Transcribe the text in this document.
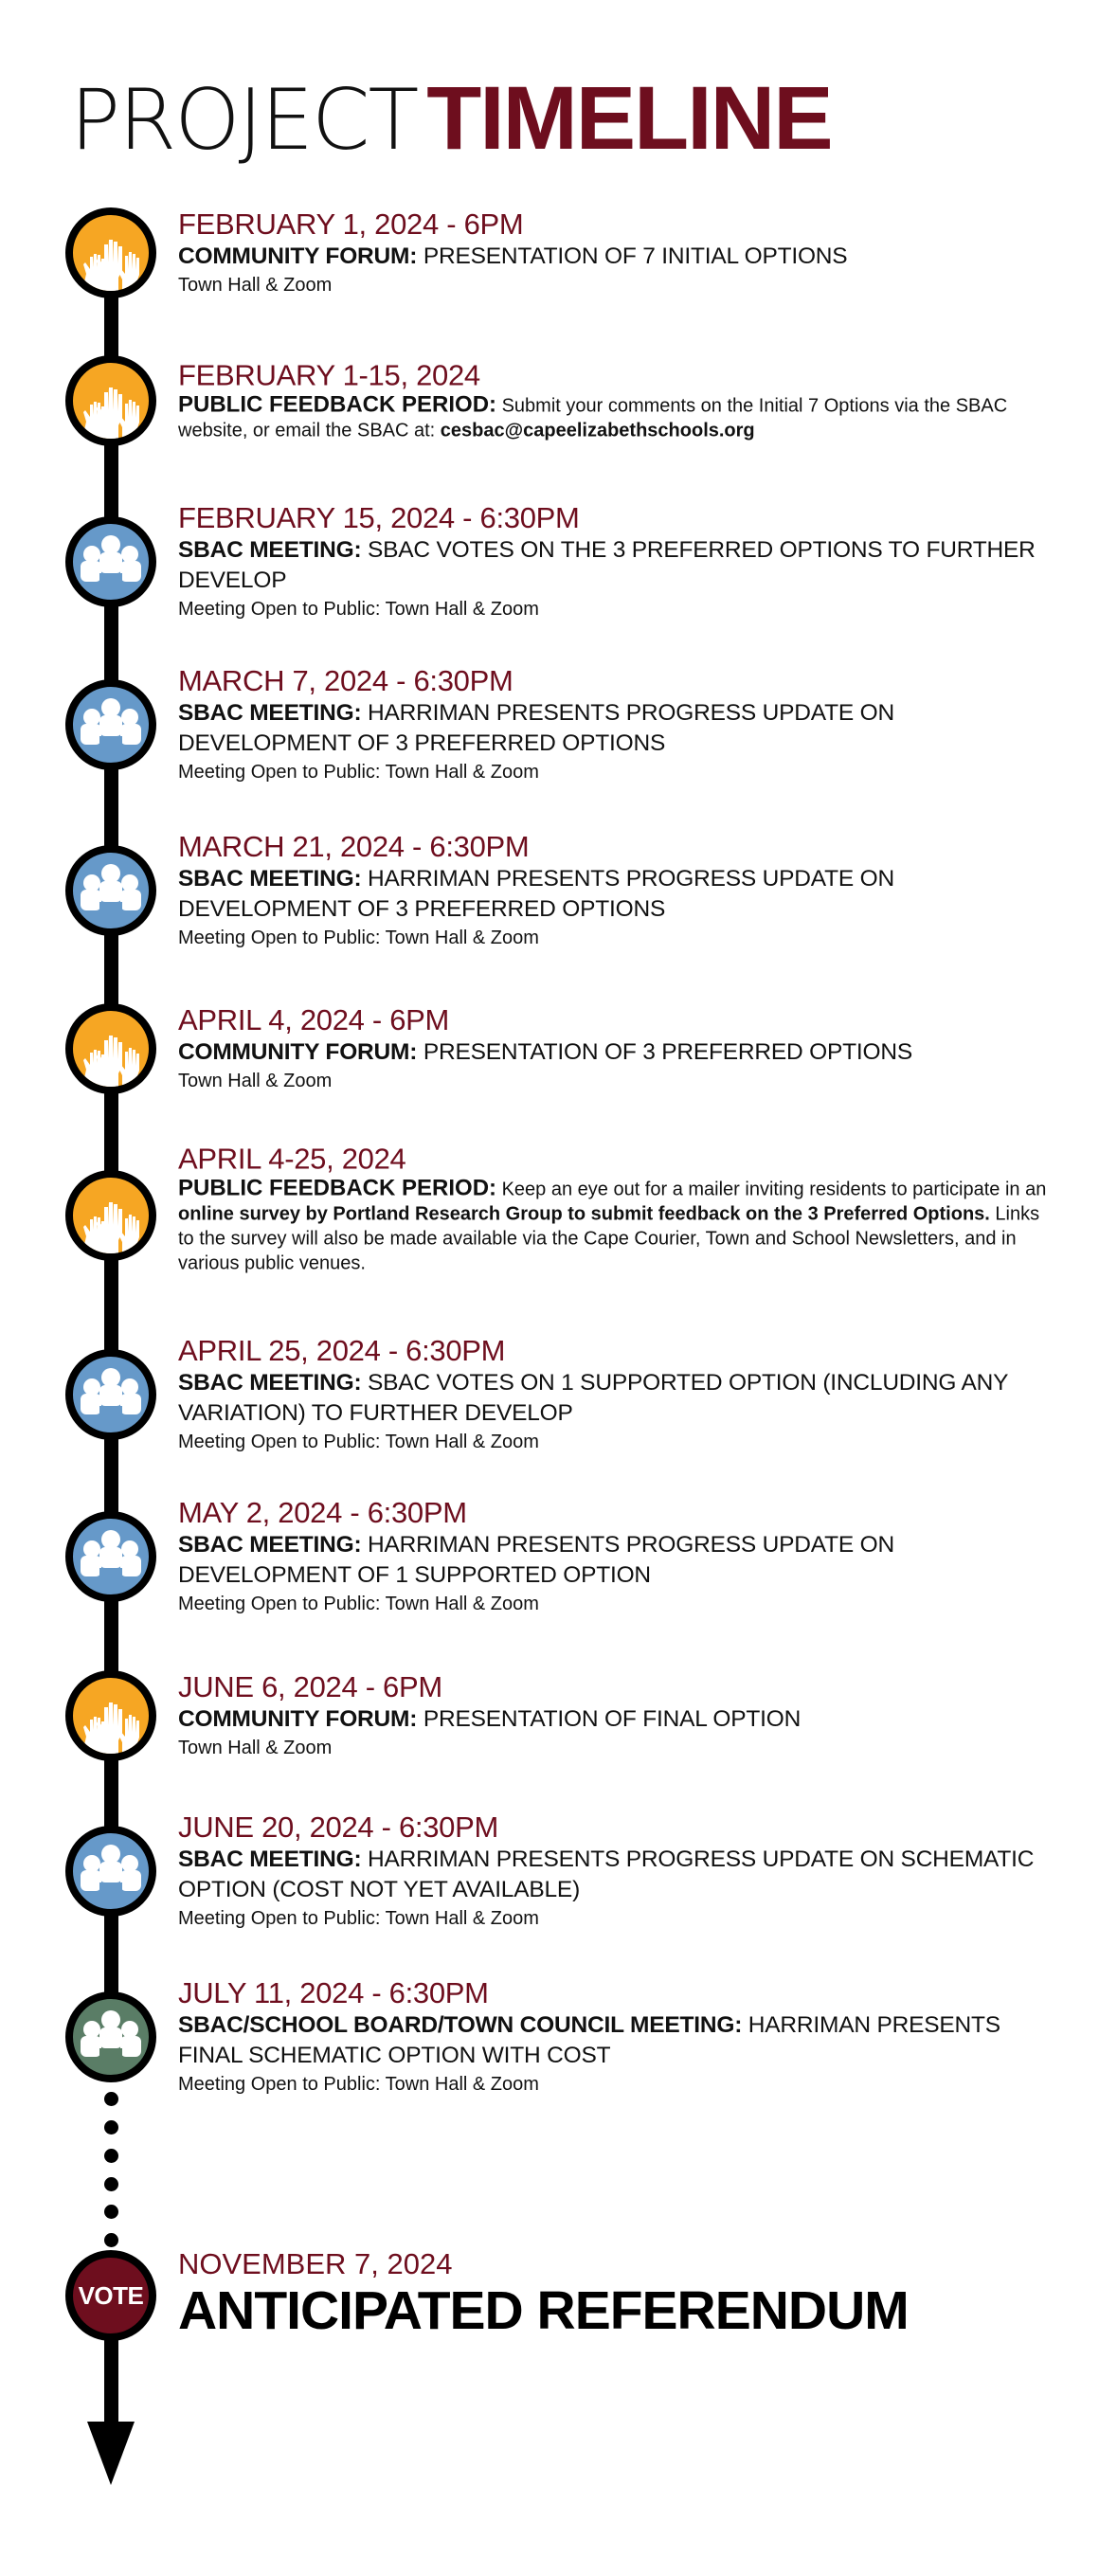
PROJECT TIMELINE
FEBRUARY 1, 2024 - 6PM
COMMUNITY FORUM: PRESENTATION OF 7 INITIAL OPTIONS
Town Hall & Zoom
FEBRUARY 1-15, 2024
PUBLIC FEEDBACK PERIOD: Submit your comments on the Initial 7 Options via the SBAC website, or email the SBAC at: cesbac@capeelizabethschools.org
FEBRUARY 15, 2024 - 6:30PM
SBAC MEETING: SBAC VOTES ON THE 3 PREFERRED OPTIONS TO FURTHER DEVELOP
Meeting Open to Public: Town Hall & Zoom
MARCH 7, 2024 - 6:30PM
SBAC MEETING: HARRIMAN PRESENTS PROGRESS UPDATE ON DEVELOPMENT OF 3 PREFERRED OPTIONS
Meeting Open to Public: Town Hall & Zoom
MARCH 21, 2024 - 6:30PM
SBAC MEETING: HARRIMAN PRESENTS PROGRESS UPDATE ON DEVELOPMENT OF 3 PREFERRED OPTIONS
Meeting Open to Public: Town Hall & Zoom
APRIL 4, 2024 - 6PM
COMMUNITY FORUM: PRESENTATION OF 3 PREFERRED OPTIONS
Town Hall & Zoom
APRIL 4-25, 2024
PUBLIC FEEDBACK PERIOD: Keep an eye out for a mailer inviting residents to participate in an online survey by Portland Research Group to submit feedback on the 3 Preferred Options. Links to the survey will also be made available via the Cape Courier, Town and School Newsletters, and in various public venues.
APRIL 25, 2024 - 6:30PM
SBAC MEETING: SBAC VOTES ON 1 SUPPORTED OPTION (INCLUDING ANY VARIATION) TO FURTHER DEVELOP
Meeting Open to Public: Town Hall & Zoom
MAY 2, 2024 - 6:30PM
SBAC MEETING: HARRIMAN PRESENTS PROGRESS UPDATE ON DEVELOPMENT OF 1 SUPPORTED OPTION
Meeting Open to Public: Town Hall & Zoom
JUNE 6, 2024 - 6PM
COMMUNITY FORUM: PRESENTATION OF FINAL OPTION
Town Hall & Zoom
JUNE 20, 2024 - 6:30PM
SBAC MEETING: HARRIMAN PRESENTS PROGRESS UPDATE ON SCHEMATIC OPTION (COST NOT YET AVAILABLE)
Meeting Open to Public: Town Hall & Zoom
JULY 11, 2024 - 6:30PM
SBAC/SCHOOL BOARD/TOWN COUNCIL MEETING: HARRIMAN PRESENTS FINAL SCHEMATIC OPTION WITH COST
Meeting Open to Public: Town Hall & Zoom
VOTE
NOVEMBER 7, 2024
ANTICIPATED REFERENDUM
